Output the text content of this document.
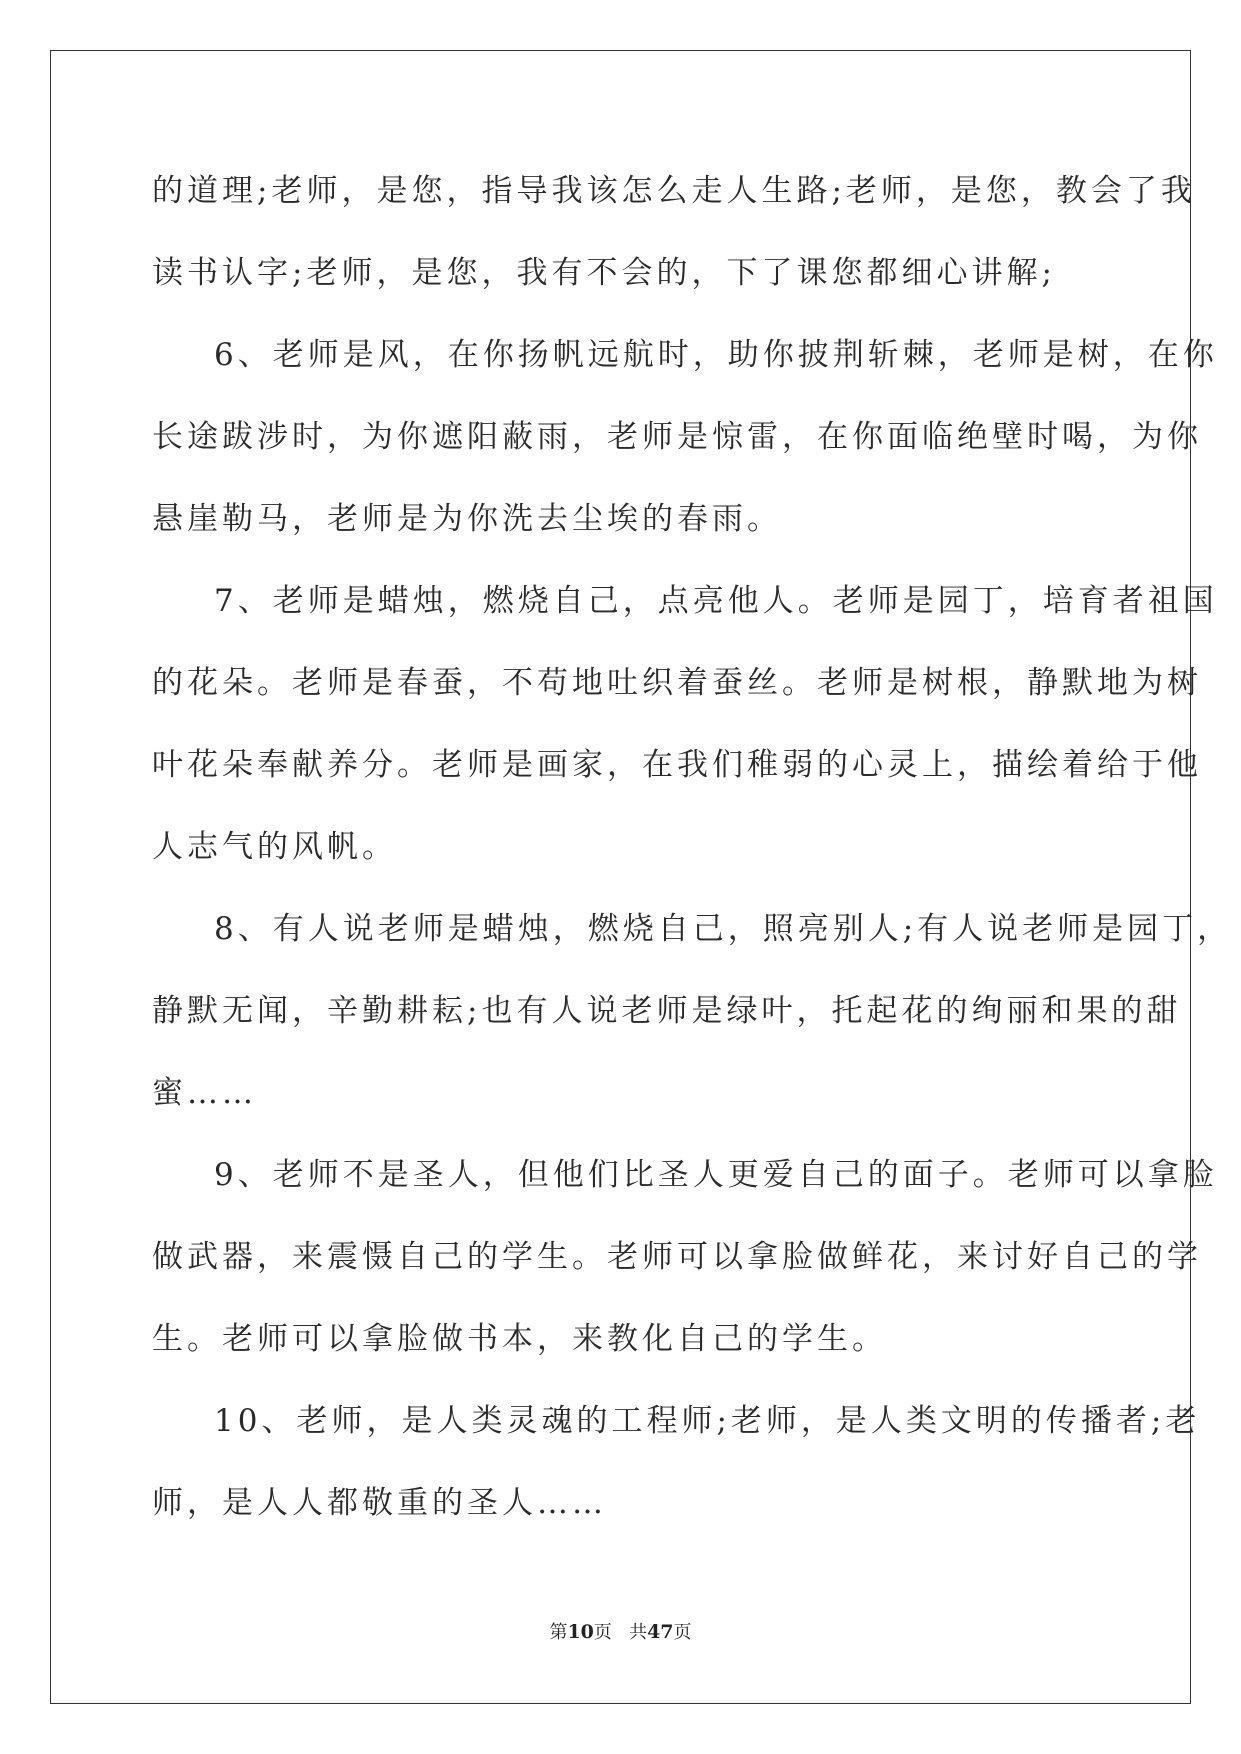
的道理;老师，是您，指导我该怎么走人生路;老师，是您，教会了我

读书认字;老师，是您，我有不会的，下了课您都细心讲解;

6、老师是风，在你扬帆远航时，助你披荆斩棘，老师是树，在你

长途跋涉时，为你遮阳蔽雨，老师是惊雷，在你面临绝壁时喝，为你

悬崖勒马，老师是为你洗去尘埃的春雨。

7、老师是蜡烛，燃烧自己，点亮他人。老师是园丁，培育者祖国

的花朵。老师是春蚕，不苟地吐织着蚕丝。老师是树根，静默地为树

叶花朵奉献养分。老师是画家，在我们稚弱的心灵上，描绘着给于他

人志气的风帆。

8、有人说老师是蜡烛，燃烧自己，照亮别人;有人说老师是园丁，

静默无闻，辛勤耕耘;也有人说老师是绿叶，托起花的绚丽和果的甜

蜜……

9、老师不是圣人，但他们比圣人更爱自己的面子。老师可以拿脸

做武器，来震慑自己的学生。老师可以拿脸做鲜花，来讨好自己的学

生。老师可以拿脸做书本，来教化自己的学生。

10、老师，是人类灵魂的工程师;老师，是人类文明的传播者;老

师，是人人都敬重的圣人……

第10页 共47页
